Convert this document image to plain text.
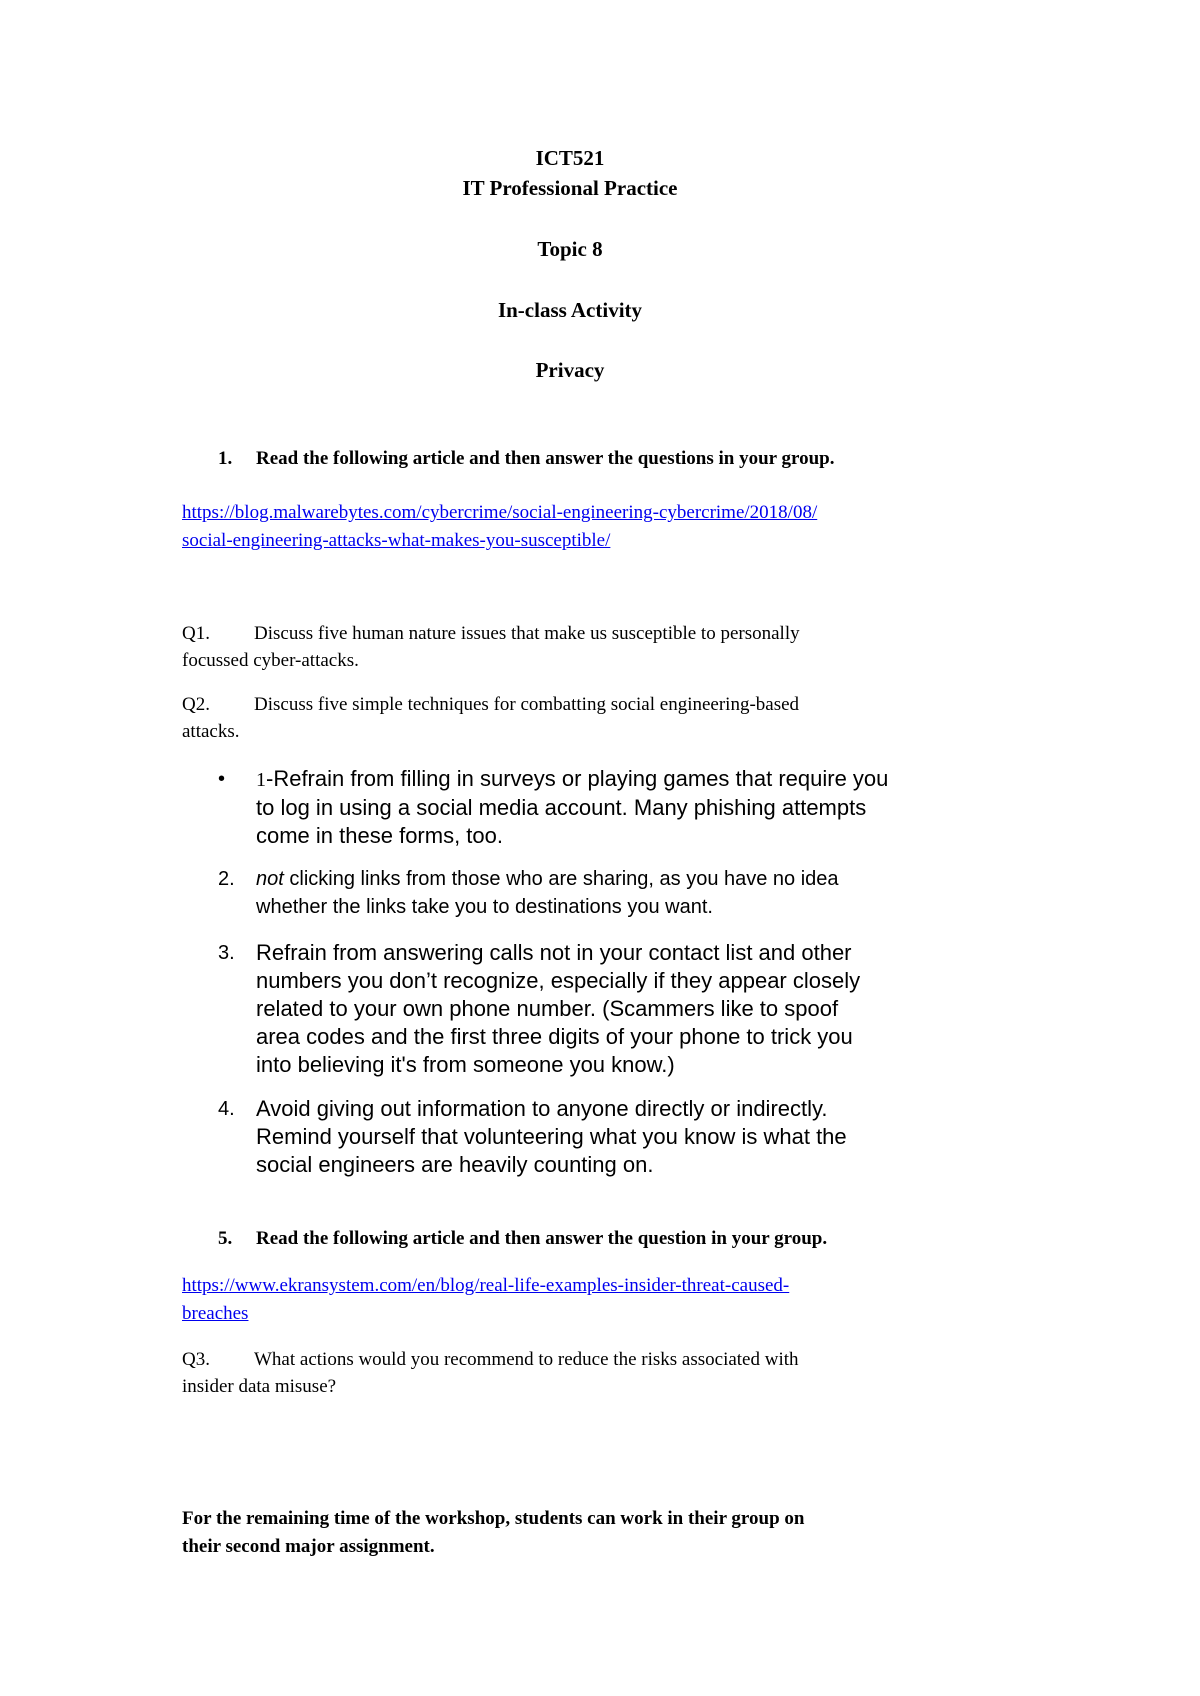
ICT521
IT Professional Practice
Topic 8
In-class Activity
Privacy
1. Read the following article and then answer the questions in your group.
https://blog.malwarebytes.com/cybercrime/social-engineering-cybercrime/2018/08/
social-engineering-attacks-what-makes-you-susceptible/
Q1. Discuss five human nature issues that make us susceptible to personally
focussed cyber-attacks.
Q2. Discuss five simple techniques for combatting social engineering-based
attacks.
• 1-Refrain from filling in surveys or playing games that require you
to log in using a social media account. Many phishing attempts
come in these forms, too.
2. not clicking links from those who are sharing, as you have no idea
whether the links take you to destinations you want.
3. Refrain from answering calls not in your contact list and other
numbers you don’t recognize, especially if they appear closely
related to your own phone number. (Scammers like to spoof
area codes and the first three digits of your phone to trick you
into believing it's from someone you know.)
4. Avoid giving out information to anyone directly or indirectly.
Remind yourself that volunteering what you know is what the
social engineers are heavily counting on.
5. Read the following article and then answer the question in your group.
https://www.ekransystem.com/en/blog/real-life-examples-insider-threat-caused-
breaches
Q3. What actions would you recommend to reduce the risks associated with
insider data misuse?
For the remaining time of the workshop, students can work in their group on
their second major assignment.
